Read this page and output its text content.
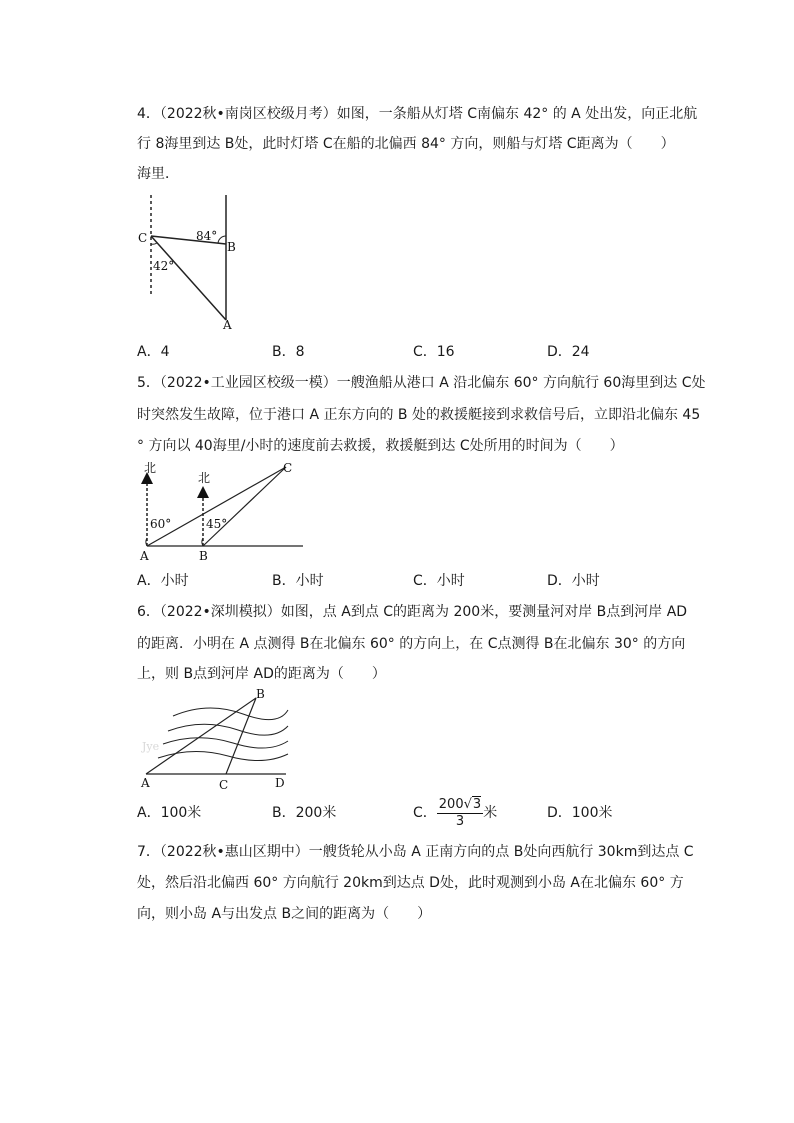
4．（2022秋•南岗区校级月考）如图，一条船从灯塔 C南偏东 42° 的 A 处出发，向正北航
行 8海里到达 B处，此时灯塔 C在船的北偏西 84° 方向，则船与灯塔 C距离为（　　）
海里．
C
B
A
84°
42°
A．4	B．8	C．16	D．24
5．（2022•工业园区校级一模）一艘渔船从港口 A 沿北偏东 60° 方向航行 60海里到达 C处
时突然发生故障，位于港口 A 正东方向的 B 处的救援艇接到求救信号后，立即沿北偏东 45
° 方向以 40海里/小时的速度前去救援，救援艇到达 C处所用的时间为（　　）
北
北
C
A	B
60°	45°
A．小时	B．小时	C．小时	D．小时
6．（2022•深圳模拟）如图，点 A到点 C的距离为 200米，要测量河对岸 B点到河岸 AD
的距离．小明在 A 点测得 B在北偏东 60° 的方向上，在 C点测得 B在北偏东 30° 的方向
上，则 B点到河岸 AD的距离为（　　）
Jye
A
B
C	D
A．100米	B．200米	C． $\frac{200√3}{3}$ 米	D．100米
7．（2022秋•惠山区期中）一艘货轮从小岛 A 正南方向的点 B处向西航行 30km到达点 C
处，然后沿北偏西 60° 方向航行 20km到达点 D处，此时观测到小岛 A在北偏东 60° 方
向，则小岛 A与出发点 B之间的距离为（　　）
